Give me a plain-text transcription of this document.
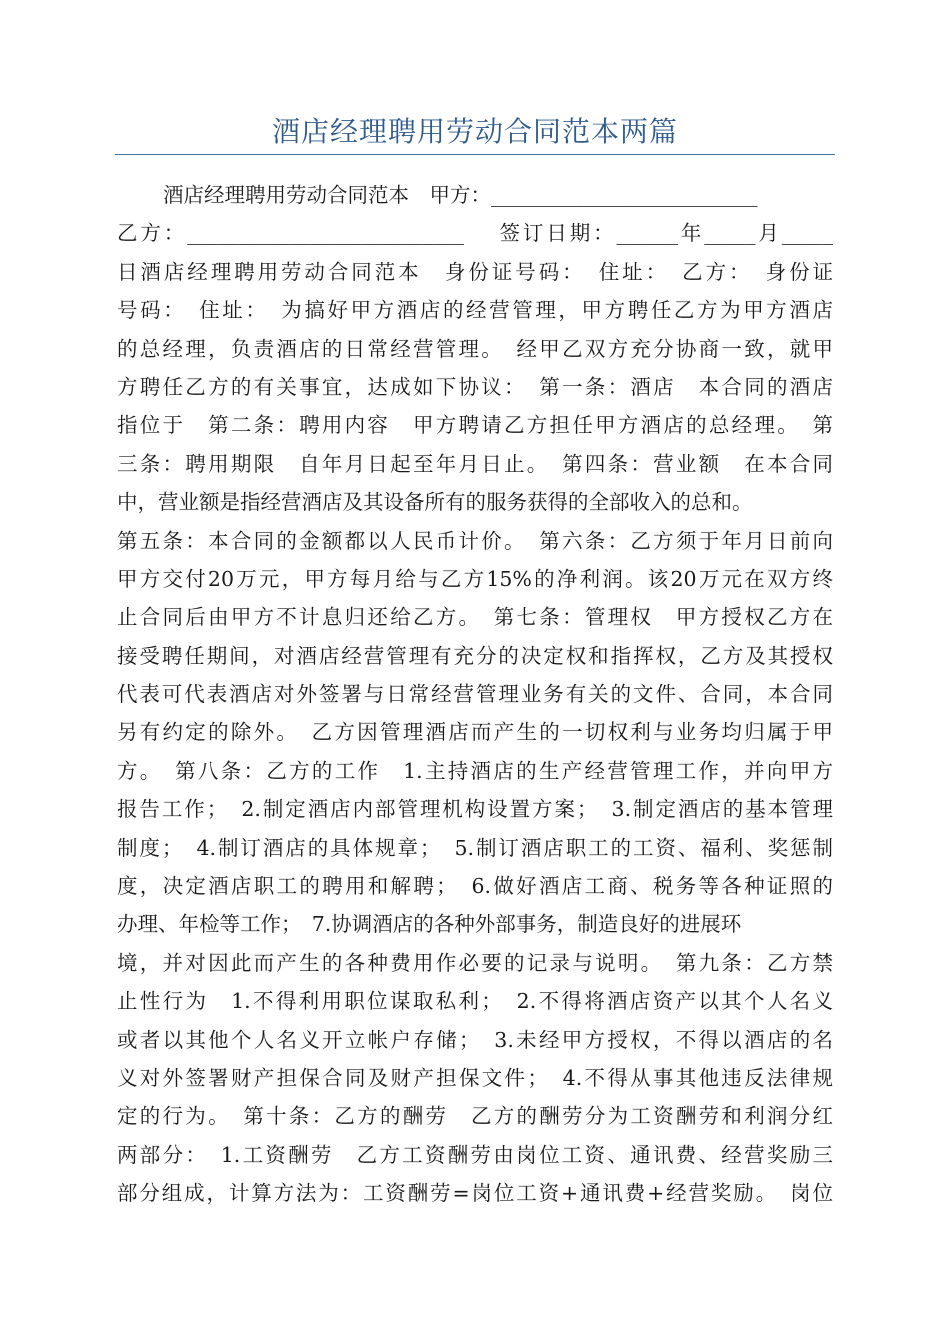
酒店经理聘用劳动合同范本两篇
酒店经理聘用劳动合同范本　甲方：__________________________
乙方：___________________________　 签订日期：______年_____月_____
日酒店经理聘用劳动合同范本　身份证号码：　住址：　乙方：　身份证
号码：　住址：　为搞好甲方酒店的经营管理，甲方聘任乙方为甲方酒店
的总经理，负责酒店的日常经营管理。　经甲乙双方充分协商一致，就甲
方聘任乙方的有关事宜，达成如下协议：　第一条：酒店　本合同的酒店
指位于　第二条：聘用内容　甲方聘请乙方担任甲方酒店的总经理。　第
三条：聘用期限　自年月日起至年月日止。　第四条：营业额　在本合同
中，营业额是指经营酒店及其设备所有的服务获得的全部收入的总和。
第五条：本合同的金额都以人民币计价。　第六条：乙方须于年月日前向
甲方交付20万元，甲方每月给与乙方15%的净利润。该20万元在双方终
止合同后由甲方不计息归还给乙方。　第七条：管理权　甲方授权乙方在
接受聘任期间，对酒店经营管理有充分的决定权和指挥权，乙方及其授权
代表可代表酒店对外签署与日常经营管理业务有关的文件、合同，本合同
另有约定的除外。　乙方因管理酒店而产生的一切权利与业务均归属于甲
方。　第八条：乙方的工作　1.主持酒店的生产经营管理工作，并向甲方
报告工作；　2.制定酒店内部管理机构设置方案；　3.制定酒店的基本管理
制度；　4.制订酒店的具体规章；　5.制订酒店职工的工资、福利、奖惩制
度，决定酒店职工的聘用和解聘；　6.做好酒店工商、税务等各种证照的
办理、年检等工作；　7.协调酒店的各种外部事务，制造良好的进展环
境，并对因此而产生的各种费用作必要的记录与说明。　第九条：乙方禁
止性行为　1.不得利用职位谋取私利；　2.不得将酒店资产以其个人名义
或者以其他个人名义开立帐户存储；　3.未经甲方授权，不得以酒店的名
义对外签署财产担保合同及财产担保文件；　4.不得从事其他违反法律规
定的行为。　第十条：乙方的酬劳　乙方的酬劳分为工资酬劳和利润分红
两部分：　1.工资酬劳　乙方工资酬劳由岗位工资、通讯费、经营奖励三
部分组成，计算方法为：工资酬劳=岗位工资+通讯费+经营奖励。　岗位
